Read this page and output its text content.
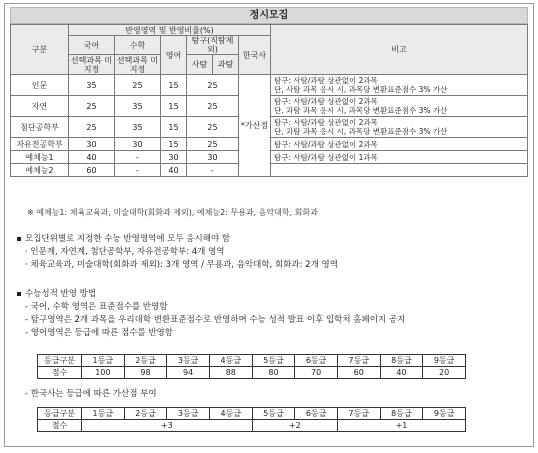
정시모집
구분	반영영역 및 반영비율(%)						비고
	국어	수학	영어	탐구(직탐제외)		한국사	
	선택과목 미지정	선택과목 미지정		사탐	과탐		
인문	35	25	15	25		*가산점	탐구: 사탐/과탐 상관없이 2과목
단, 사탐 과목 응시 시, 과목당 변환표준점수 3% 가산

자연	25	35	15	25			탐구: 사탐/과탐 상관없이 2과목
단, 과탐 과목 응시 시, 과목당 변환표준점수 3% 가산

첨단공학부	25	35	15	25			탐구: 사탐/과탐 상관없이 2과목
단, 과탐 과목 응시 시, 과목당 변환표준점수 3% 가산

자유전공학부	30	30	15	25			탐구: 사탐/과탐 상관없이 2과목
예체능1	40	-	30	30			탐구: 사탐/과탐 상관없이 1과목
예체능2	60	-	40	-			
※ 예체능1: 체육교육과, 미술대학(회화과 제외), 예체능2: 무용과, 음악대학, 회화과
모집단위별로 지정한 수능 반영영역에 모두 응시해야 함
· 인문계, 자연계, 첨단공학부, 자유전공학부: 4개 영역
· 체육교육과, 미술대학(회화과 제외): 3개 영역 / 무용과, 음악대학, 회화과: 2개 영역
수능성적 반영 방법
- 국어, 수학 영역은 표준점수를 반영함
- 탐구영역은 2개 과목을 우리대학 변환표준점수로 반영하며 수능 성적 발표 이후 입학처 홈페이지 공지
- 영어영역은 등급에 따른 점수를 반영함
등급구분	1등급	2등급	3등급	4등급	5등급	6등급	7등급	8등급	9등급
점수	100	98	94	88	80	70	60	40	20
- 한국사는 등급에 따른 가산점 부여
등급구분	1등급	2등급	3등급	4등급	5등급	6등급	7등급	8등급	9등급
점수	+3				+2		+1		
